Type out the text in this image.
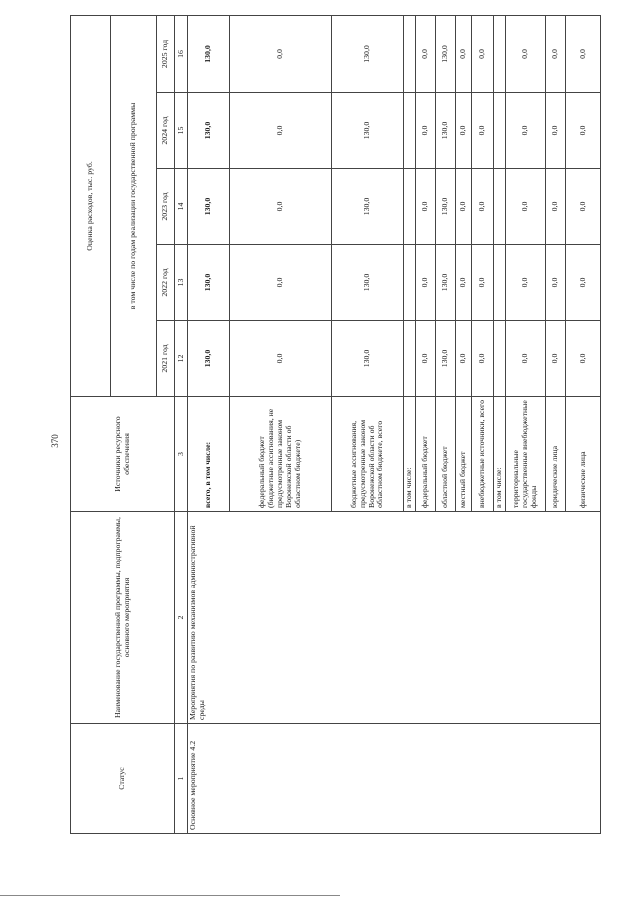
370
Статус	Наименование государственной программы, подпрограммы, основного мероприятия	Источники ресурсного обеспечения	Оценка расходов, тыс. руб.				
			в том числе по годам реализации государственной программы				
			2021 год	2022 год	2023 год	2024 год	2025 год
1	2	3	12	13	14	15	16
Основное мероприятие 4.2	Мероприятия по развитию механизмов административной среды	всего, в том числе:	130,0	130,0	130,0	130,0	130,0
		федеральный бюджет (бюджетные ассигнования, не предусмотренные законом Воронежской области об областном бюджете)	0,0	0,0	0,0	0,0	0,0
		бюджетные ассигнования, предусмотренные законом Воронежской области об областном бюджете, всего	130,0	130,0	130,0	130,0	130,0
		в том числе:					
		федеральный бюджет	0,0	0,0	0,0	0,0	0,0
		областной бюджет	130,0	130,0	130,0	130,0	130,0
		местный бюджет	0,0	0,0	0,0	0,0	0,0
		внебюджетные источники, всего	0,0	0,0	0,0	0,0	0,0
		в том числе:					
		территориальные государственные внебюджетные фонды	0,0	0,0	0,0	0,0	0,0
		юридические лица	0,0	0,0	0,0	0,0	0,0
		физические лица	0,0	0,0	0,0	0,0	0,0
